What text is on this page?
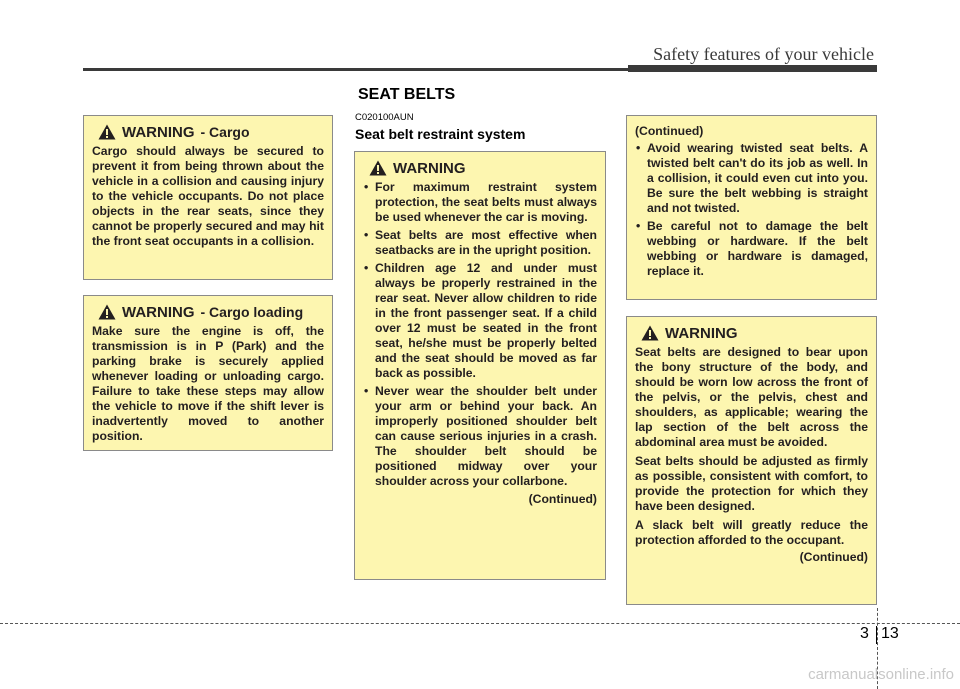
Safety features of your vehicle
SEAT BELTS
C020100AUN
Seat belt restraint system
WARNING - Cargo

Cargo should always be secured to prevent it from being thrown about the vehicle in a collision and causing injury to the vehicle occupants. Do not place objects in the rear seats, since they cannot be properly secured and may hit the front seat occupants in a collision.

WARNING - Cargo loading

Make sure the engine is off, the transmission is in P (Park) and the parking brake is securely applied whenever loading or unloading cargo. Failure to take these steps may allow the vehicle to move if the shift lever is inadvertently moved to another position.

WARNING
• For maximum restraint system protection, the seat belts must always be used whenever the car is moving.
• Seat belts are most effective when seatbacks are in the upright position.
• Children age 12 and under must always be properly restrained in the rear seat. Never allow children to ride in the front passenger seat. If a child over 12 must be seated in the front seat, he/she must be properly belted and the seat should be moved as far back as possible.
• Never wear the shoulder belt under your arm or behind your back. An improperly positioned shoulder belt can cause serious injuries in a crash. The shoulder belt should be positioned midway over your shoulder across your collarbone.
(Continued)
(Continued)
• Avoid wearing twisted seat belts. A twisted belt can't do its job as well. In a collision, it could even cut into you. Be sure the belt webbing is straight and not twisted.
• Be careful not to damage the belt webbing or hardware. If the belt webbing or hardware is damaged, replace it.
WARNING

Seat belts are designed to bear upon the bony structure of the body, and should be worn low across the front of the pelvis, or the pelvis, chest and shoulders, as applicable; wearing the lap section of the belt across the abdominal area must be avoided.

Seat belts should be adjusted as firmly as possible, consistent with comfort, to provide the protection for which they have been designed.

A slack belt will greatly reduce the protection afforded to the occupant.

(Continued)
3 13
carmanualsonline.info
